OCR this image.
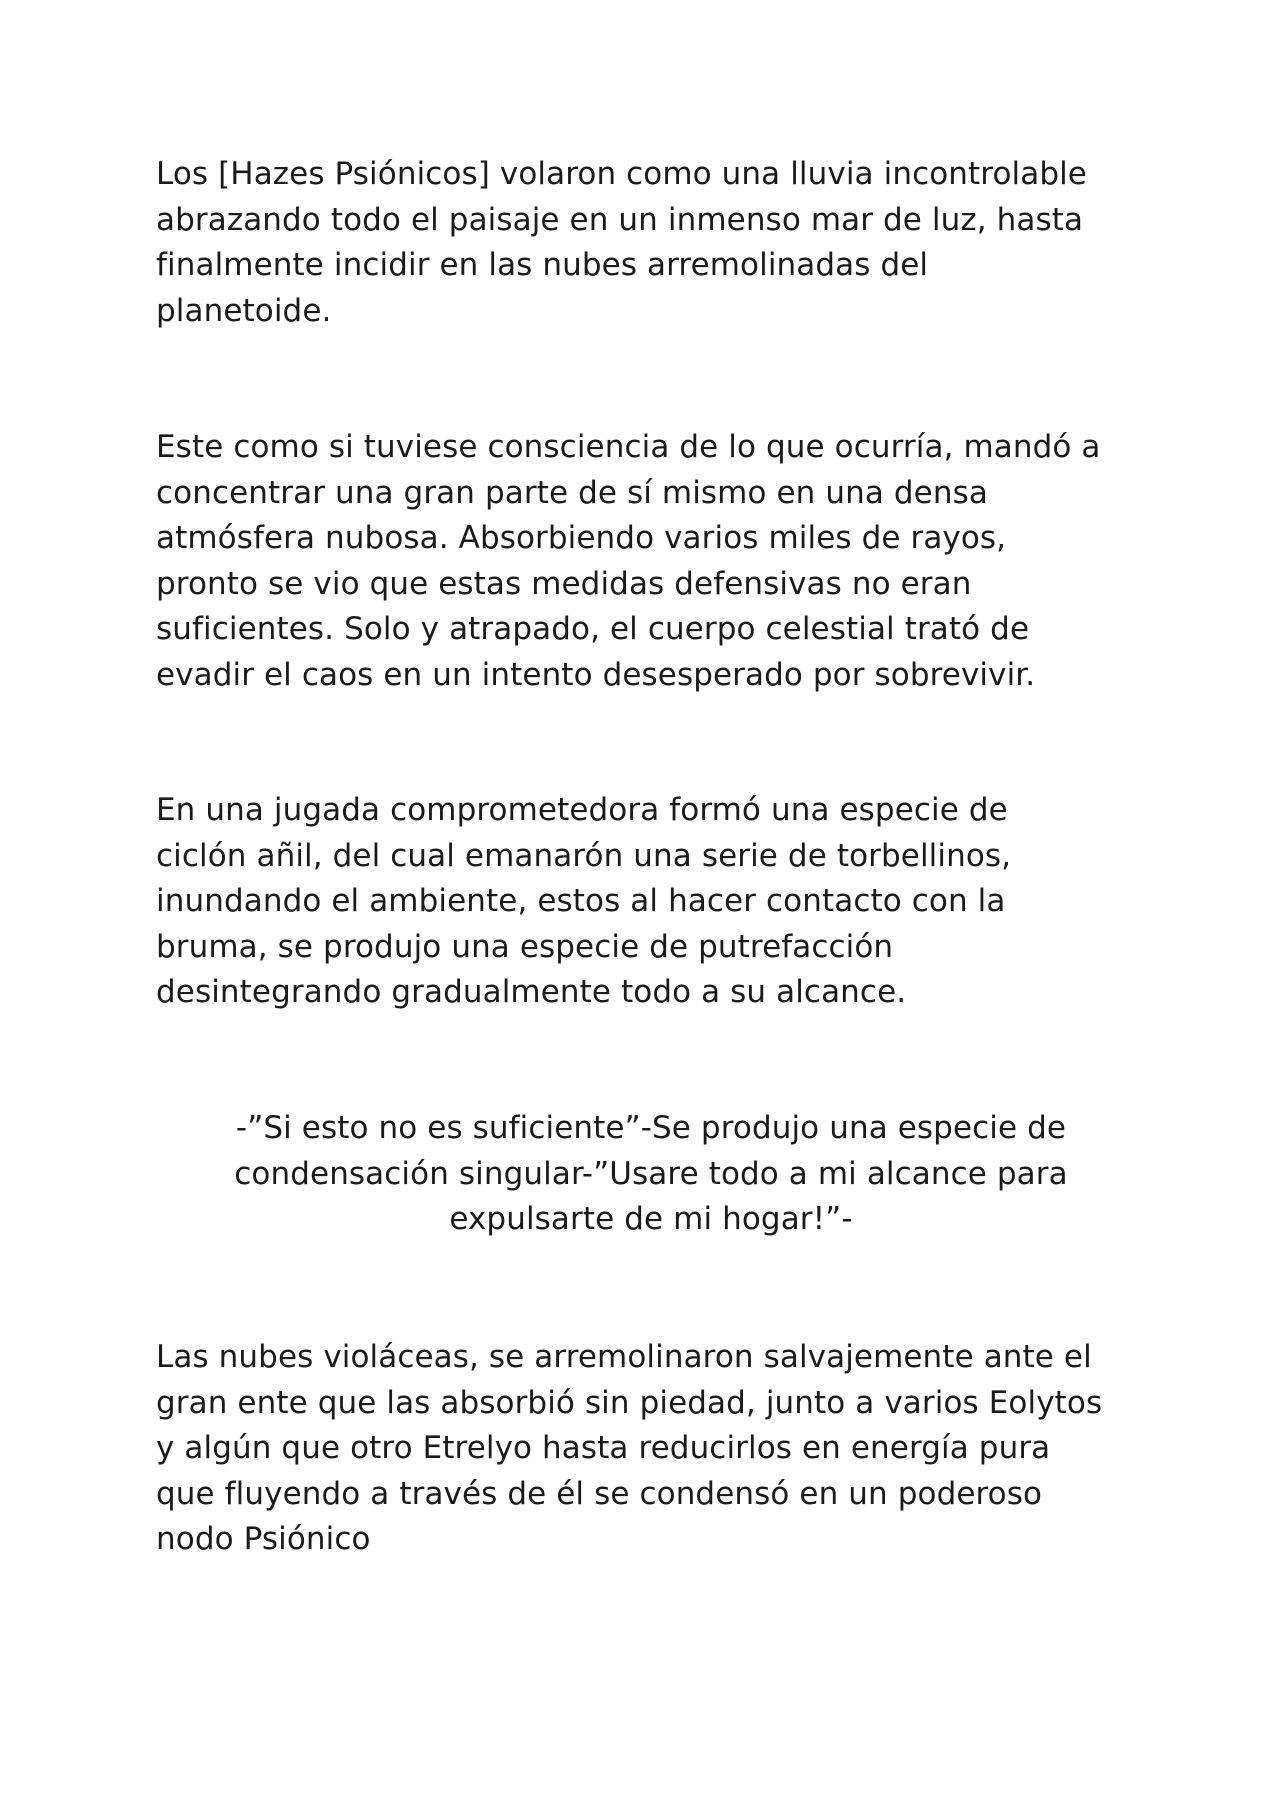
Los [Hazes Psiónicos] volaron como una lluvia incontrolable
abrazando todo el paisaje en un inmenso mar de luz, hasta
finalmente incidir en las nubes arremolinadas del
planetoide.

Este como si tuviese consciencia de lo que ocurría, mandó a
concentrar una gran parte de sí mismo en una densa
atmósfera nubosa. Absorbiendo varios miles de rayos,
pronto se vio que estas medidas defensivas no eran
suficientes. Solo y atrapado, el cuerpo celestial trató de
evadir el caos en un intento desesperado por sobrevivir.

En una jugada comprometedora formó una especie de
ciclón añil, del cual emanarón una serie de torbellinos,
inundando el ambiente, estos al hacer contacto con la
bruma, se produjo una especie de putrefacción
desintegrando gradualmente todo a su alcance.

-”Si esto no es suficiente”-Se produjo una especie de
condensación singular-”Usare todo a mi alcance para
expulsarte de mi hogar!”-

Las nubes violáceas, se arremolinaron salvajemente ante el
gran ente que las absorbió sin piedad, junto a varios Eolytos
y algún que otro Etrelyo hasta reducirlos en energía pura
que fluyendo a través de él se condensó en un poderoso
nodo Psiónico
